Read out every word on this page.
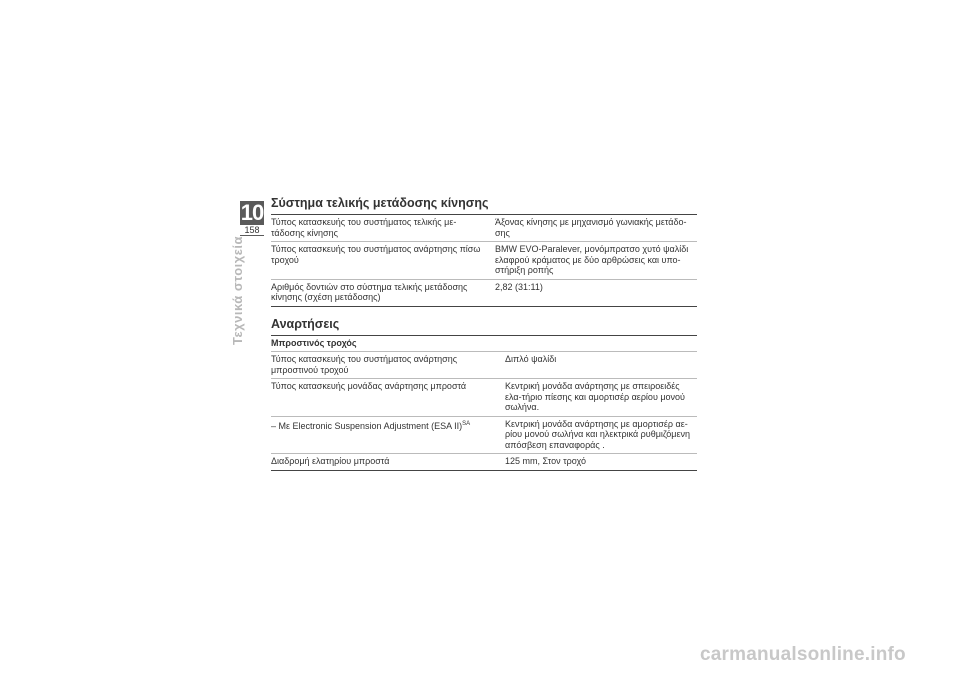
10
158
Τεχνικά στοιχεία
Σύστημα τελικής μετάδοσης κίνησης
Τύπος κατασκευής του συστήματος τελικής με-τάδοσης κίνησης	Άξονας κίνησης με μηχανισμό γωνιακής μετάδο-σης
Τύπος κατασκευής του συστήματος ανάρτησης πίσω τροχού	BMW EVO-Paralever, μονόμπρατσο χυτό ψαλίδι ελαφρού κράματος με δύο αρθρώσεις και υπο-στήριξη ροπής
Αριθμός δοντιών στο σύστημα τελικής μετάδοσης κίνησης (σχέση μετάδοσης)	2,82 (31:11)
Αναρτήσεις
Μπροστινός τροχός	
Τύπος κατασκευής του συστήματος ανάρτησης μπροστινού τροχού	Διπλό ψαλίδι
Τύπος κατασκευής μονάδας ανάρτησης μπροστά	Κεντρική μονάδα ανάρτησης με σπειροειδές ελα-τήριο πίεσης και αμορτισέρ αερίου μονού σωλήνα.
– Με Electronic Suspension Adjustment (ESA II)$^{SA}$	Κεντρική μονάδα ανάρτησης με αμορτισέρ αε-ρίου μονού σωλήνα και ηλεκτρικά ρυθμιζόμενη απόσβεση επαναφοράς .
Διαδρομή ελατηρίου μπροστά	125 mm, Στον τροχό
carmanualsonline.info
